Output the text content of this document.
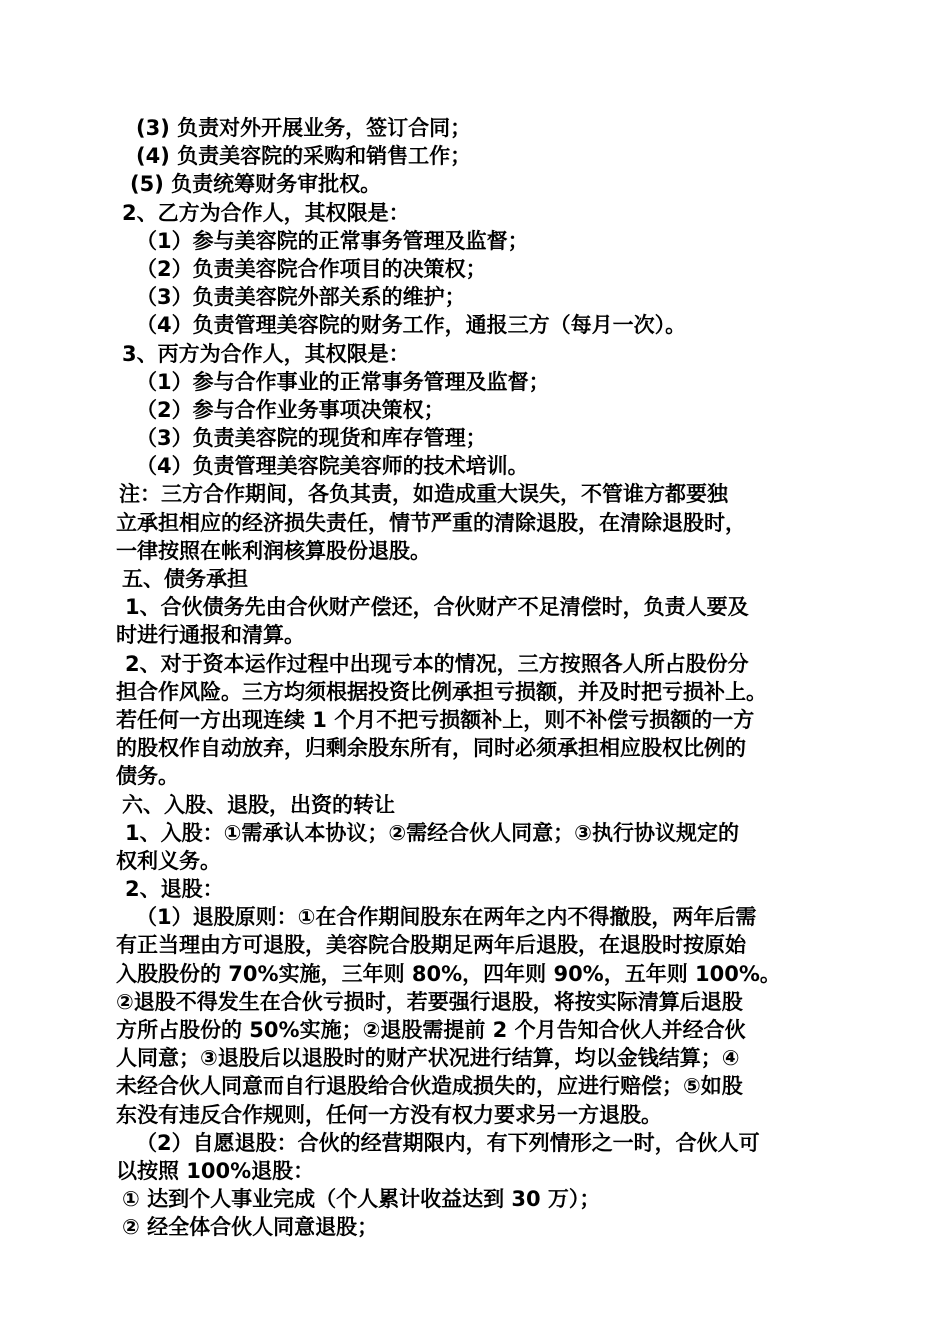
(3) 负责对外开展业务，签订合同；
(4) 负责美容院的采购和销售工作；
(5) 负责统筹财务审批权。
2、乙方为合作人，其权限是：
（1）参与美容院的正常事务管理及监督；
（2）负责美容院合作项目的决策权；
（3）负责美容院外部关系的维护；
（4）负责管理美容院的财务工作，通报三方（每月一次）。
3、丙方为合作人，其权限是：
（1）参与合作事业的正常事务管理及监督；
（2）参与合作业务事项决策权；
（3）负责美容院的现货和库存管理；
（4）负责管理美容院美容师的技术培训。
注：三方合作期间，各负其责，如造成重大误失，不管谁方都要独
立承担相应的经济损失责任，情节严重的清除退股，在清除退股时，
一律按照在帐利润核算股份退股。
五、债务承担
1、合伙债务先由合伙财产偿还，合伙财产不足清偿时，负责人要及
时进行通报和清算。
2、对于资本运作过程中出现亏本的情况，三方按照各人所占股份分
担合作风险。三方均须根据投资比例承担亏损额，并及时把亏损补上。
若任何一方出现连续 1 个月不把亏损额补上，则不补偿亏损额的一方
的股权作自动放弃，归剩余股东所有，同时必须承担相应股权比例的
债务。
六、入股、退股，出资的转让
1、入股：①需承认本协议；②需经合伙人同意；③执行协议规定的
权利义务。
2、退股：
（1）退股原则：①在合作期间股东在两年之内不得撤股，两年后需
有正当理由方可退股，美容院合股期足两年后退股，在退股时按原始
入股股份的 70%实施，三年则 80%，四年则 90%，五年则 100%。
②退股不得发生在合伙亏损时，若要强行退股，将按实际清算后退股
方所占股份的 50%实施；②退股需提前 2 个月告知合伙人并经合伙
人同意；③退股后以退股时的财产状况进行结算，均以金钱结算；④
未经合伙人同意而自行退股给合伙造成损失的，应进行赔偿；⑤如股
东没有违反合作规则，任何一方没有权力要求另一方退股。
（2）自愿退股：合伙的经营期限内，有下列情形之一时，合伙人可
以按照 100%退股：
① 达到个人事业完成（个人累计收益达到 30 万）；
② 经全体合伙人同意退股；
